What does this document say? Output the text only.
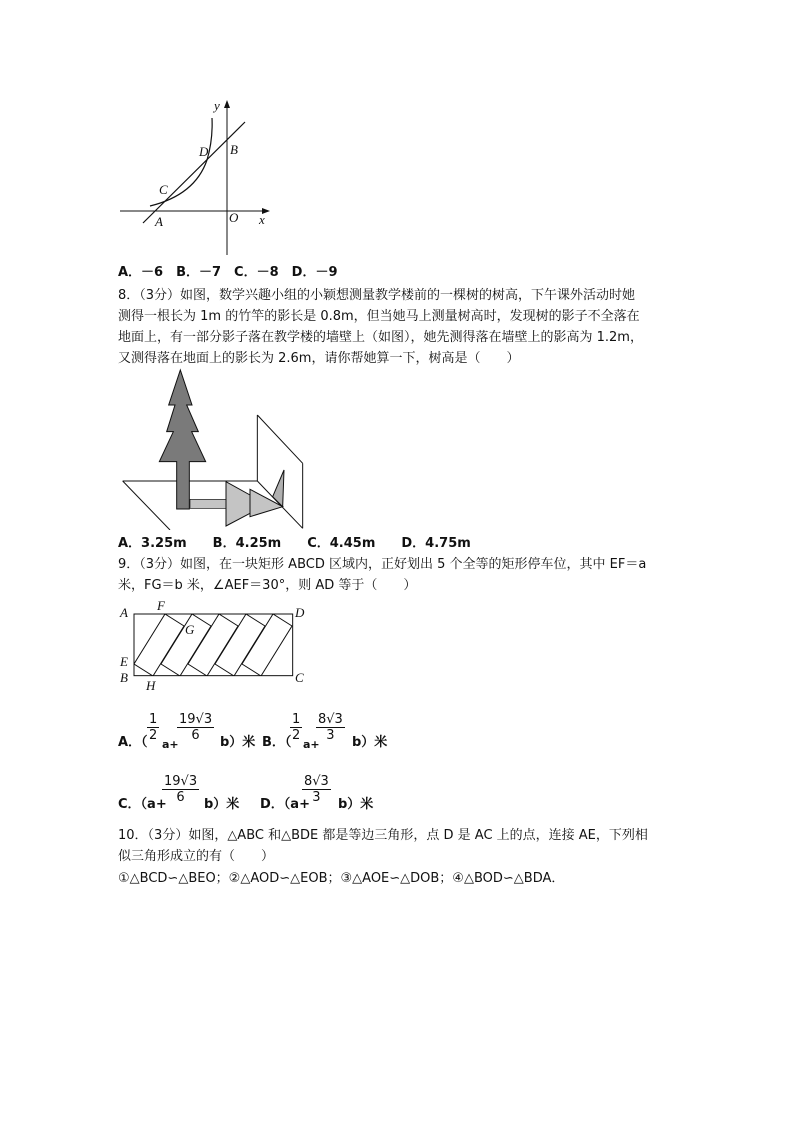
y
B
D
C
A	O x
A．－6　B．－7　C．－8　D．－9
8．（3分）如图，数学兴趣小组的小颖想测量教学楼前的一棵树的树高，下午课外活动时她
测得一根长为 1m 的竹竿的影长是 0.8m，但当她马上测量树高时，发现树的影子不全落在
地面上，有一部分影子落在教学楼的墙壁上（如图），她先测得落在墙壁上的影高为 1.2m，
又测得落在地面上的影长为 2.6m，请你帮她算一下，树高是（　　）
A．3.25m　　B．4.25m　　C．4.45m　　D．4.75m
9．（3分）如图，在一块矩形 ABCD 区域内，正好划出 5 个全等的矩形停车位，其中 EF＝a
米，FG＝b 米，∠AEF＝30°，则 AD 等于（　　）
A F	D
G
E
B
H
C
A．（ $\frac{1}{2}$
a+
$\frac{19√3}{6} b$）米 B．（
$\frac{1}{2}$
a+
$\frac{8√3}{3} b$）米
C．（a+
$\frac{19√3}{6} b$）米 D．（a+
$\frac{8√3}{3} b$）米
10．（3分）如图，△ABC 和△BDE 都是等边三角形，点 D 是 AC 上的点，连接 AE，下列相
似三角形成立的有（　　）
①△BCD∽△BEO；②△AOD∽△EOB；③△AOE∽△DOB；④△BOD∽△BDA．
